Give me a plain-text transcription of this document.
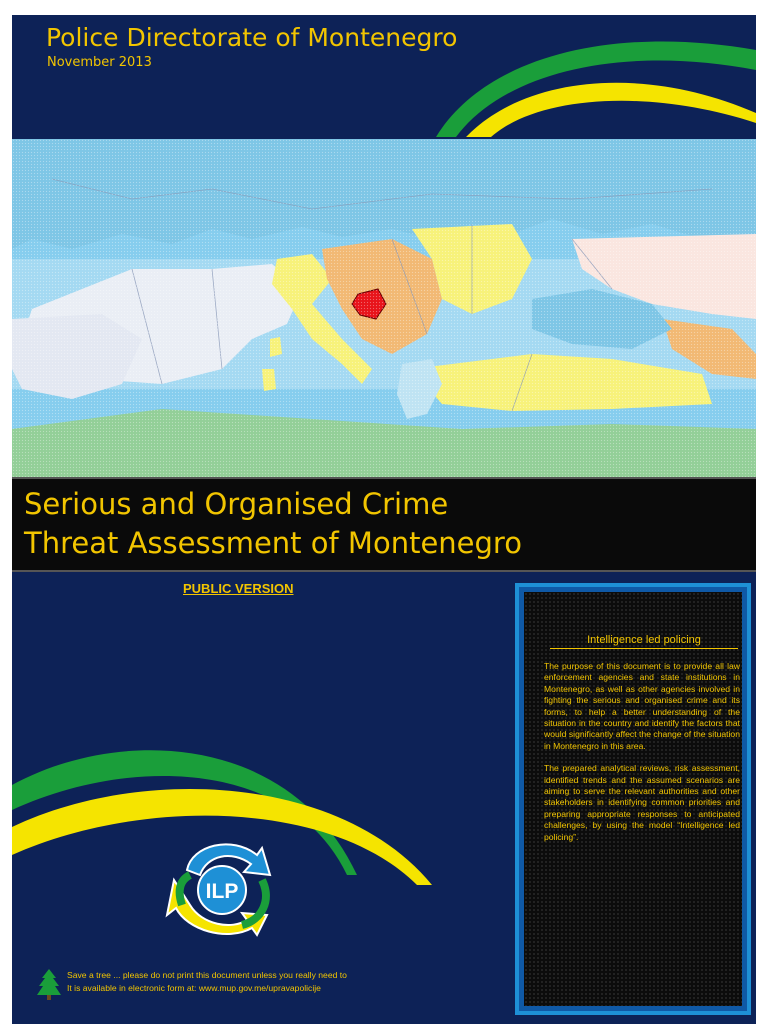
Police Directorate of Montenegro
November 2013
Serious and Organised Crime
Threat Assessment of Montenegro
PUBLIC VERSION
ILP
Intelligence led policing

The purpose of this document is to provide all law enforcement agencies and state institutions in Montenegro, as well as other agencies involved in fighting the serious and organised crime and its forms, to help a better understanding of the situation in the country and identify the factors that would significantly affect the change of the situation in Montenegro in this area.

The prepared analytical reviews, risk assessment, identified trends and the assumed scenarios are aiming to serve the relevant authorities and other stakeholders in identifying common priorities and preparing appropriate responses to anticipated challenges, by using the model “Intelligence led policing”.

Save a tree ... please do not print this document unless you really need to
It is available in electronic form at: www.mup.gov.me/upravapolicije
